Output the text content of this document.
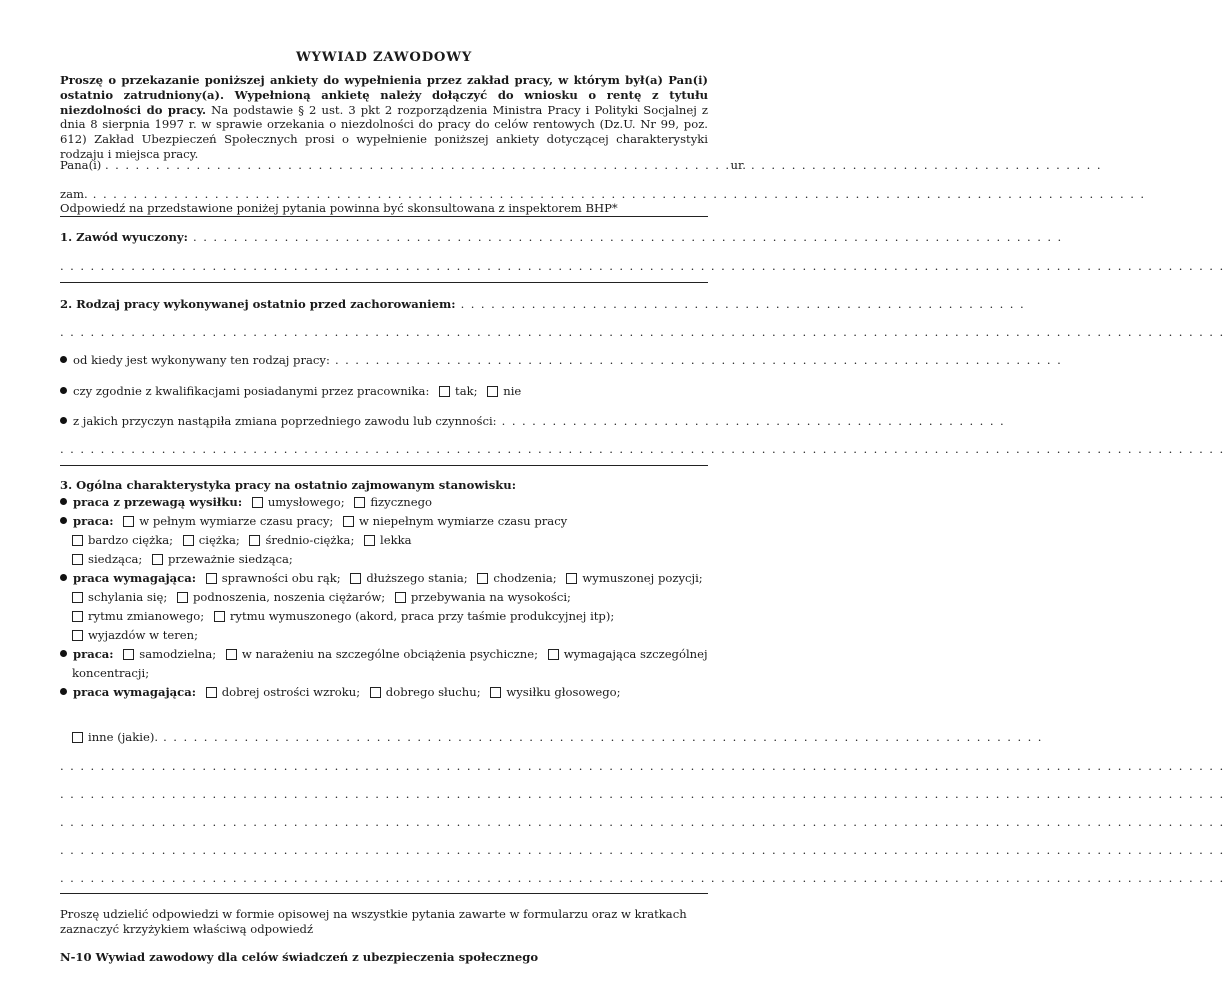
WYWIAD ZAWODOWY
Proszę o przekazanie poniższej ankiety do wypełnienia przez zakład pracy, w którym był(a) Pan(i) ostatnio zatrudniony(a). Wypełnioną ankietę należy dołączyć do wniosku o rentę z tytułu niezdolności do pracy. Na podstawie § 2 ust. 3 pkt 2 rozporządzenia Ministra Pracy i Polityki Socjalnej z dnia 8 sierpnia 1997 r. w sprawie orzekania o niezdolności do pracy do celów rentowych (Dz.U. Nr 99, poz. 612) Zakład Ubezpieczeń Społecznych prosi o wypełnienie poniższej ankiety dotyczącej charakterystyki rodzaju i miejsca pracy.
Pana(i) . . . . . . . . . . . . . . . . . . . . . . . . . . . . . . . . . . . . . . . . . . . . . . . . . . . . . . . . . . . . . .ur. . . . . . . . . . . . . . . . . . . . . . . . . . . . . . . . . . . .
zam. . . . . . . . . . . . . . . . . . . . . . . . . . . . . . . . . . . . . . . . . . . . . . . . . . . . . . . . . . . . . . . . . . . . . . . . . . . . . . . . . . . . . . . . . . . . . . . . . . . . . . . . .
Odpowiedź na przedstawione poniżej pytania powinna być skonsultowana z inspektorem BHP*
1. Zawód wyuczony: . . . . . . . . . . . . . . . . . . . . . . . . . . . . . . . . . . . . . . . . . . . . . . . . . . . . . . . . . . . . . . . . . . . . . . . . . . . . . . . . . . . . . .
. . . . . . . . . . . . . . . . . . . . . . . . . . . . . . . . . . . . . . . . . . . . . . . . . . . . . . . . . . . . . . . . . . . . . . . . . . . . . . . . . . . . . . . . . . . . . . . . . . . . . . . . . . . . . . . . . . .
2. Rodzaj pracy wykonywanej ostatnio przed zachorowaniem: . . . . . . . . . . . . . . . . . . . . . . . . . . . . . . . . . . . . . . . . . . . . . . . . . . . . . . . .
. . . . . . . . . . . . . . . . . . . . . . . . . . . . . . . . . . . . . . . . . . . . . . . . . . . . . . . . . . . . . . . . . . . . . . . . . . . . . . . . . . . . . . . . . . . . . . . . . . . . . . . . . . . . . . . . . . .
od kiedy jest wykonywany ten rodzaj pracy: . . . . . . . . . . . . . . . . . . . . . . . . . . . . . . . . . . . . . . . . . . . . . . . . . . . . . . . . . . . . . . . . . . . . . . . .
czy zgodnie z kwalifikacjami posiadanymi przez pracownika: tak; nie
z jakich przyczyn nastąpiła zmiana poprzedniego zawodu lub czynności: . . . . . . . . . . . . . . . . . . . . . . . . . . . . . . . . . . . . . . . . . . . . . . . . . .
. . . . . . . . . . . . . . . . . . . . . . . . . . . . . . . . . . . . . . . . . . . . . . . . . . . . . . . . . . . . . . . . . . . . . . . . . . . . . . . . . . . . . . . . . . . . . . . . . . . . . . . . . . . . . . . . . . .
3. Ogólna charakterystyka pracy na ostatnio zajmowanym stanowisku:
praca z przewagą wysiłku: umysłowego; fizycznego
praca: w pełnym wymiarze czasu pracy; w niepełnym wymiarze czasu pracy
bardzo ciężka; ciężka; średnio-ciężka; lekka
siedząca; przeważnie siedząca;
praca wymagająca: sprawności obu rąk; dłuższego stania; chodzenia; wymuszonej pozycji;
schylania się; podnoszenia, noszenia ciężarów; przebywania na wysokości;
rytmu zmianowego; rytmu wymuszonego (akord, praca przy taśmie produkcyjnej itp);
wyjazdów w teren;
praca: samodzielna; w narażeniu na szczególne obciążenia psychiczne; wymagająca szczególnej
koncentracji;
praca wymagająca: dobrej ostrości wzroku; dobrego słuchu; wysiłku głosowego;
inne (jakie). . . . . . . . . . . . . . . . . . . . . . . . . . . . . . . . . . . . . . . . . . . . . . . . . . . . . . . . . . . . . . . . . . . . . . . . . . . . . . . . . . . . . . . .
. . . . . . . . . . . . . . . . . . . . . . . . . . . . . . . . . . . . . . . . . . . . . . . . . . . . . . . . . . . . . . . . . . . . . . . . . . . . . . . . . . . . . . . . . . . . . . . . . . . . . . . . . . . . . . . . . . .
. . . . . . . . . . . . . . . . . . . . . . . . . . . . . . . . . . . . . . . . . . . . . . . . . . . . . . . . . . . . . . . . . . . . . . . . . . . . . . . . . . . . . . . . . . . . . . . . . . . . . . . . . . . . . . . . . . .
. . . . . . . . . . . . . . . . . . . . . . . . . . . . . . . . . . . . . . . . . . . . . . . . . . . . . . . . . . . . . . . . . . . . . . . . . . . . . . . . . . . . . . . . . . . . . . . . . . . . . . . . . . . . . . . . . . .
. . . . . . . . . . . . . . . . . . . . . . . . . . . . . . . . . . . . . . . . . . . . . . . . . . . . . . . . . . . . . . . . . . . . . . . . . . . . . . . . . . . . . . . . . . . . . . . . . . . . . . . . . . . . . . . . . . .
. . . . . . . . . . . . . . . . . . . . . . . . . . . . . . . . . . . . . . . . . . . . . . . . . . . . . . . . . . . . . . . . . . . . . . . . . . . . . . . . . . . . . . . . . . . . . . . . . . . . . . . . . . . . . . . . . . .
Proszę udzielić odpowiedzi w formie opisowej na wszystkie pytania zawarte w formularzu oraz w kratkach zaznaczyć krzyżykiem właściwą odpowiedź
N-10 Wywiad zawodowy dla celów świadczeń z ubezpieczenia społecznego
